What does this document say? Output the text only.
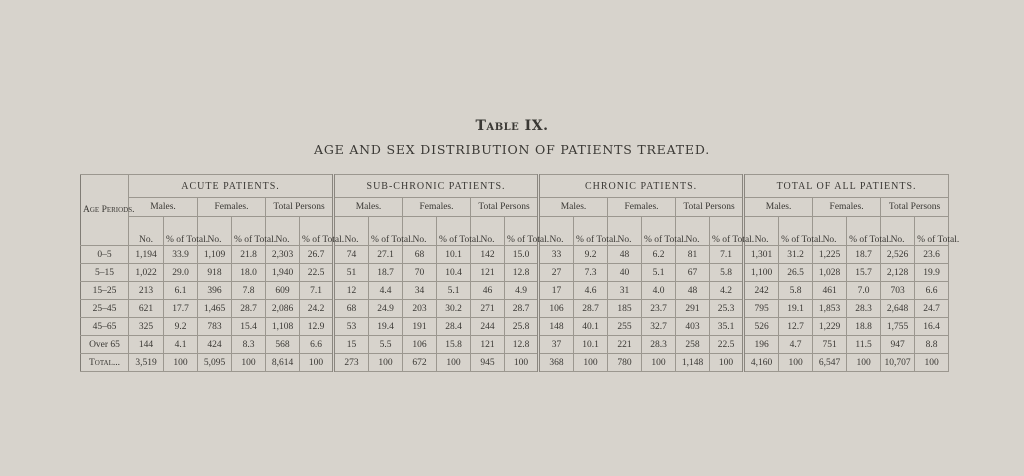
Table IX.
AGE AND SEX DISTRIBUTION OF PATIENTS TREATED.
Age Periods.	ACUTE PATIENTS.						SUB-CHRONIC PATIENTS.						CHRONIC PATIENTS.						TOTAL OF ALL PATIENTS.					
	Males.		Females.		Total Persons		Males.		Females.		Total Persons		Males.		Females.		Total Persons		Males.		Females.		Total Persons	
	No.	% of Total.	No.	% of Total.	No.	% of Total.	No.	% of Total.	No.	% of Total.	No.	% of Total.	No.	% of Total.	No.	% of Total.	No.	% of Total.	No.	% of Total.	No.	% of Total.	No.	% of Total.
0–5	1,194	33.9	1,109	21.8	2,303	26.7	74	27.1	68	10.1	142	15.0	33	9.2	48	6.2	81	7.1	1,301	31.2	1,225	18.7	2,526	23.6
5–15	1,022	29.0	918	18.0	1,940	22.5	51	18.7	70	10.4	121	12.8	27	7.3	40	5.1	67	5.8	1,100	26.5	1,028	15.7	2,128	19.9
15–25	213	6.1	396	7.8	609	7.1	12	4.4	34	5.1	46	4.9	17	4.6	31	4.0	48	4.2	242	5.8	461	7.0	703	6.6
25–45	621	17.7	1,465	28.7	2,086	24.2	68	24.9	203	30.2	271	28.7	106	28.7	185	23.7	291	25.3	795	19.1	1,853	28.3	2,648	24.7
45–65	325	9.2	783	15.4	1,108	12.9	53	19.4	191	28.4	244	25.8	148	40.1	255	32.7	403	35.1	526	12.7	1,229	18.8	1,755	16.4
Over 65	144	4.1	424	8.3	568	6.6	15	5.5	106	15.8	121	12.8	37	10.1	221	28.3	258	22.5	196	4.7	751	11.5	947	8.8
Total...	3,519	100	5,095	100	8,614	100	273	100	672	100	945	100	368	100	780	100	1,148	100	4,160	100	6,547	100	10,707	100
